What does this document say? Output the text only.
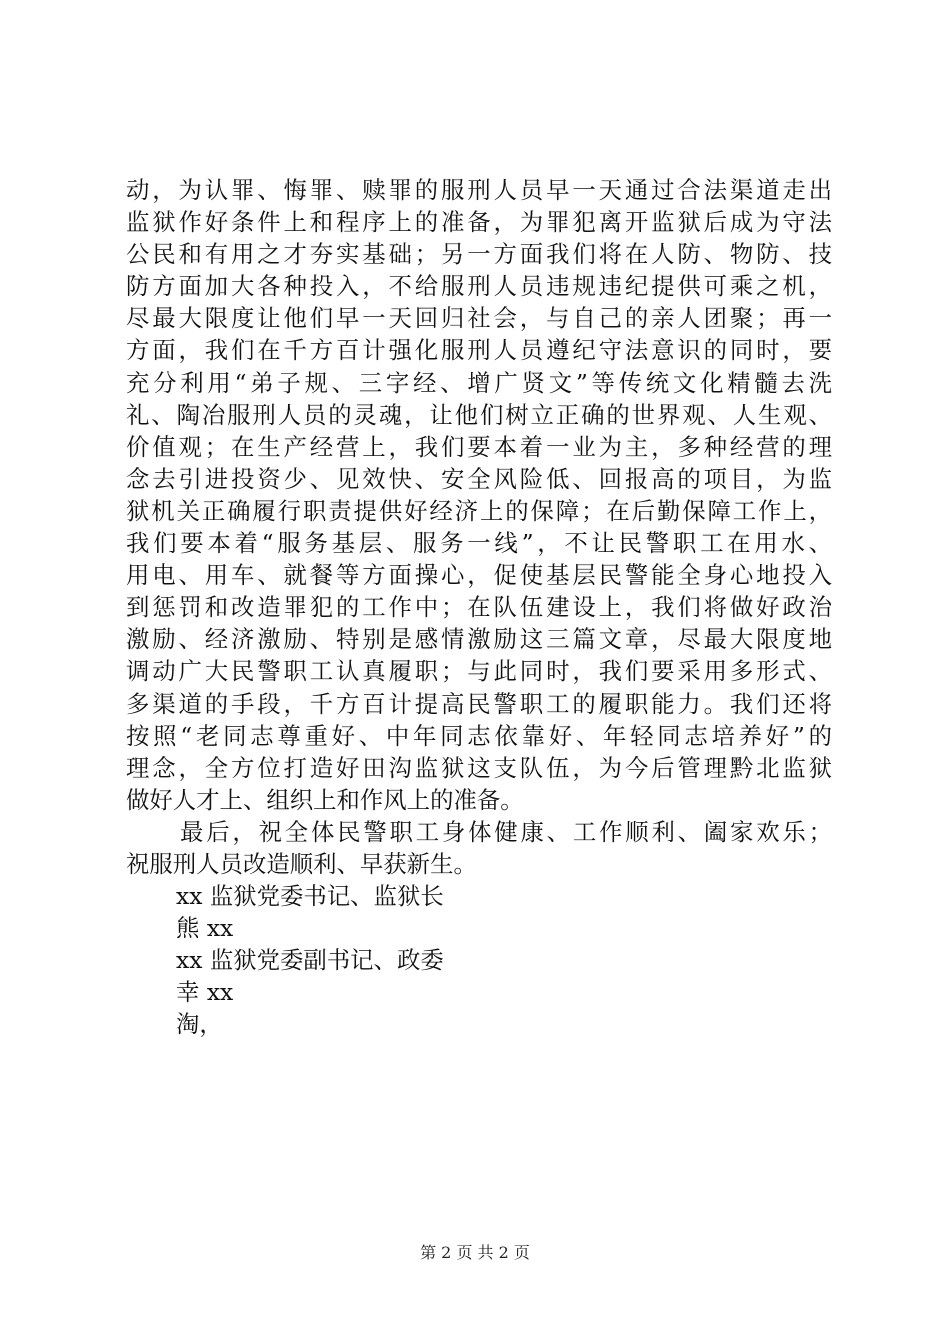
动，为认罪、悔罪、赎罪的服刑人员早一天通过合法渠道走出
监狱作好条件上和程序上的准备，为罪犯离开监狱后成为守法
公民和有用之才夯实基础；另一方面我们将在人防、物防、技
防方面加大各种投入，不给服刑人员违规违纪提供可乘之机，
尽最大限度让他们早一天回归社会，与自己的亲人团聚；再一
方面，我们在千方百计强化服刑人员遵纪守法意识的同时，要
充分利用“弟子规、三字经、增广贤文”等传统文化精髓去洗
礼、陶冶服刑人员的灵魂，让他们树立正确的世界观、人生观、
价值观；在生产经营上，我们要本着一业为主，多种经营的理
念去引进投资少、见效快、安全风险低、回报高的项目，为监
狱机关正确履行职责提供好经济上的保障；在后勤保障工作上，
我们要本着“服务基层、服务一线”，不让民警职工在用水、
用电、用车、就餐等方面操心，促使基层民警能全身心地投入
到惩罚和改造罪犯的工作中；在队伍建设上，我们将做好政治
激励、经济激励、特别是感情激励这三篇文章，尽最大限度地
调动广大民警职工认真履职；与此同时，我们要采用多形式、
多渠道的手段，千方百计提高民警职工的履职能力。我们还将
按照“老同志尊重好、中年同志依靠好、年轻同志培养好”的
理念，全方位打造好田沟监狱这支队伍，为今后管理黔北监狱
做好人才上、组织上和作风上的准备。
最后，祝全体民警职工身体健康、工作顺利、阖家欢乐；
祝服刑人员改造顺利、早获新生。
xx 监狱党委书记、监狱长
熊 xx
xx 监狱党委副书记、政委
幸 xx
淘，
第 2 页 共 2 页
